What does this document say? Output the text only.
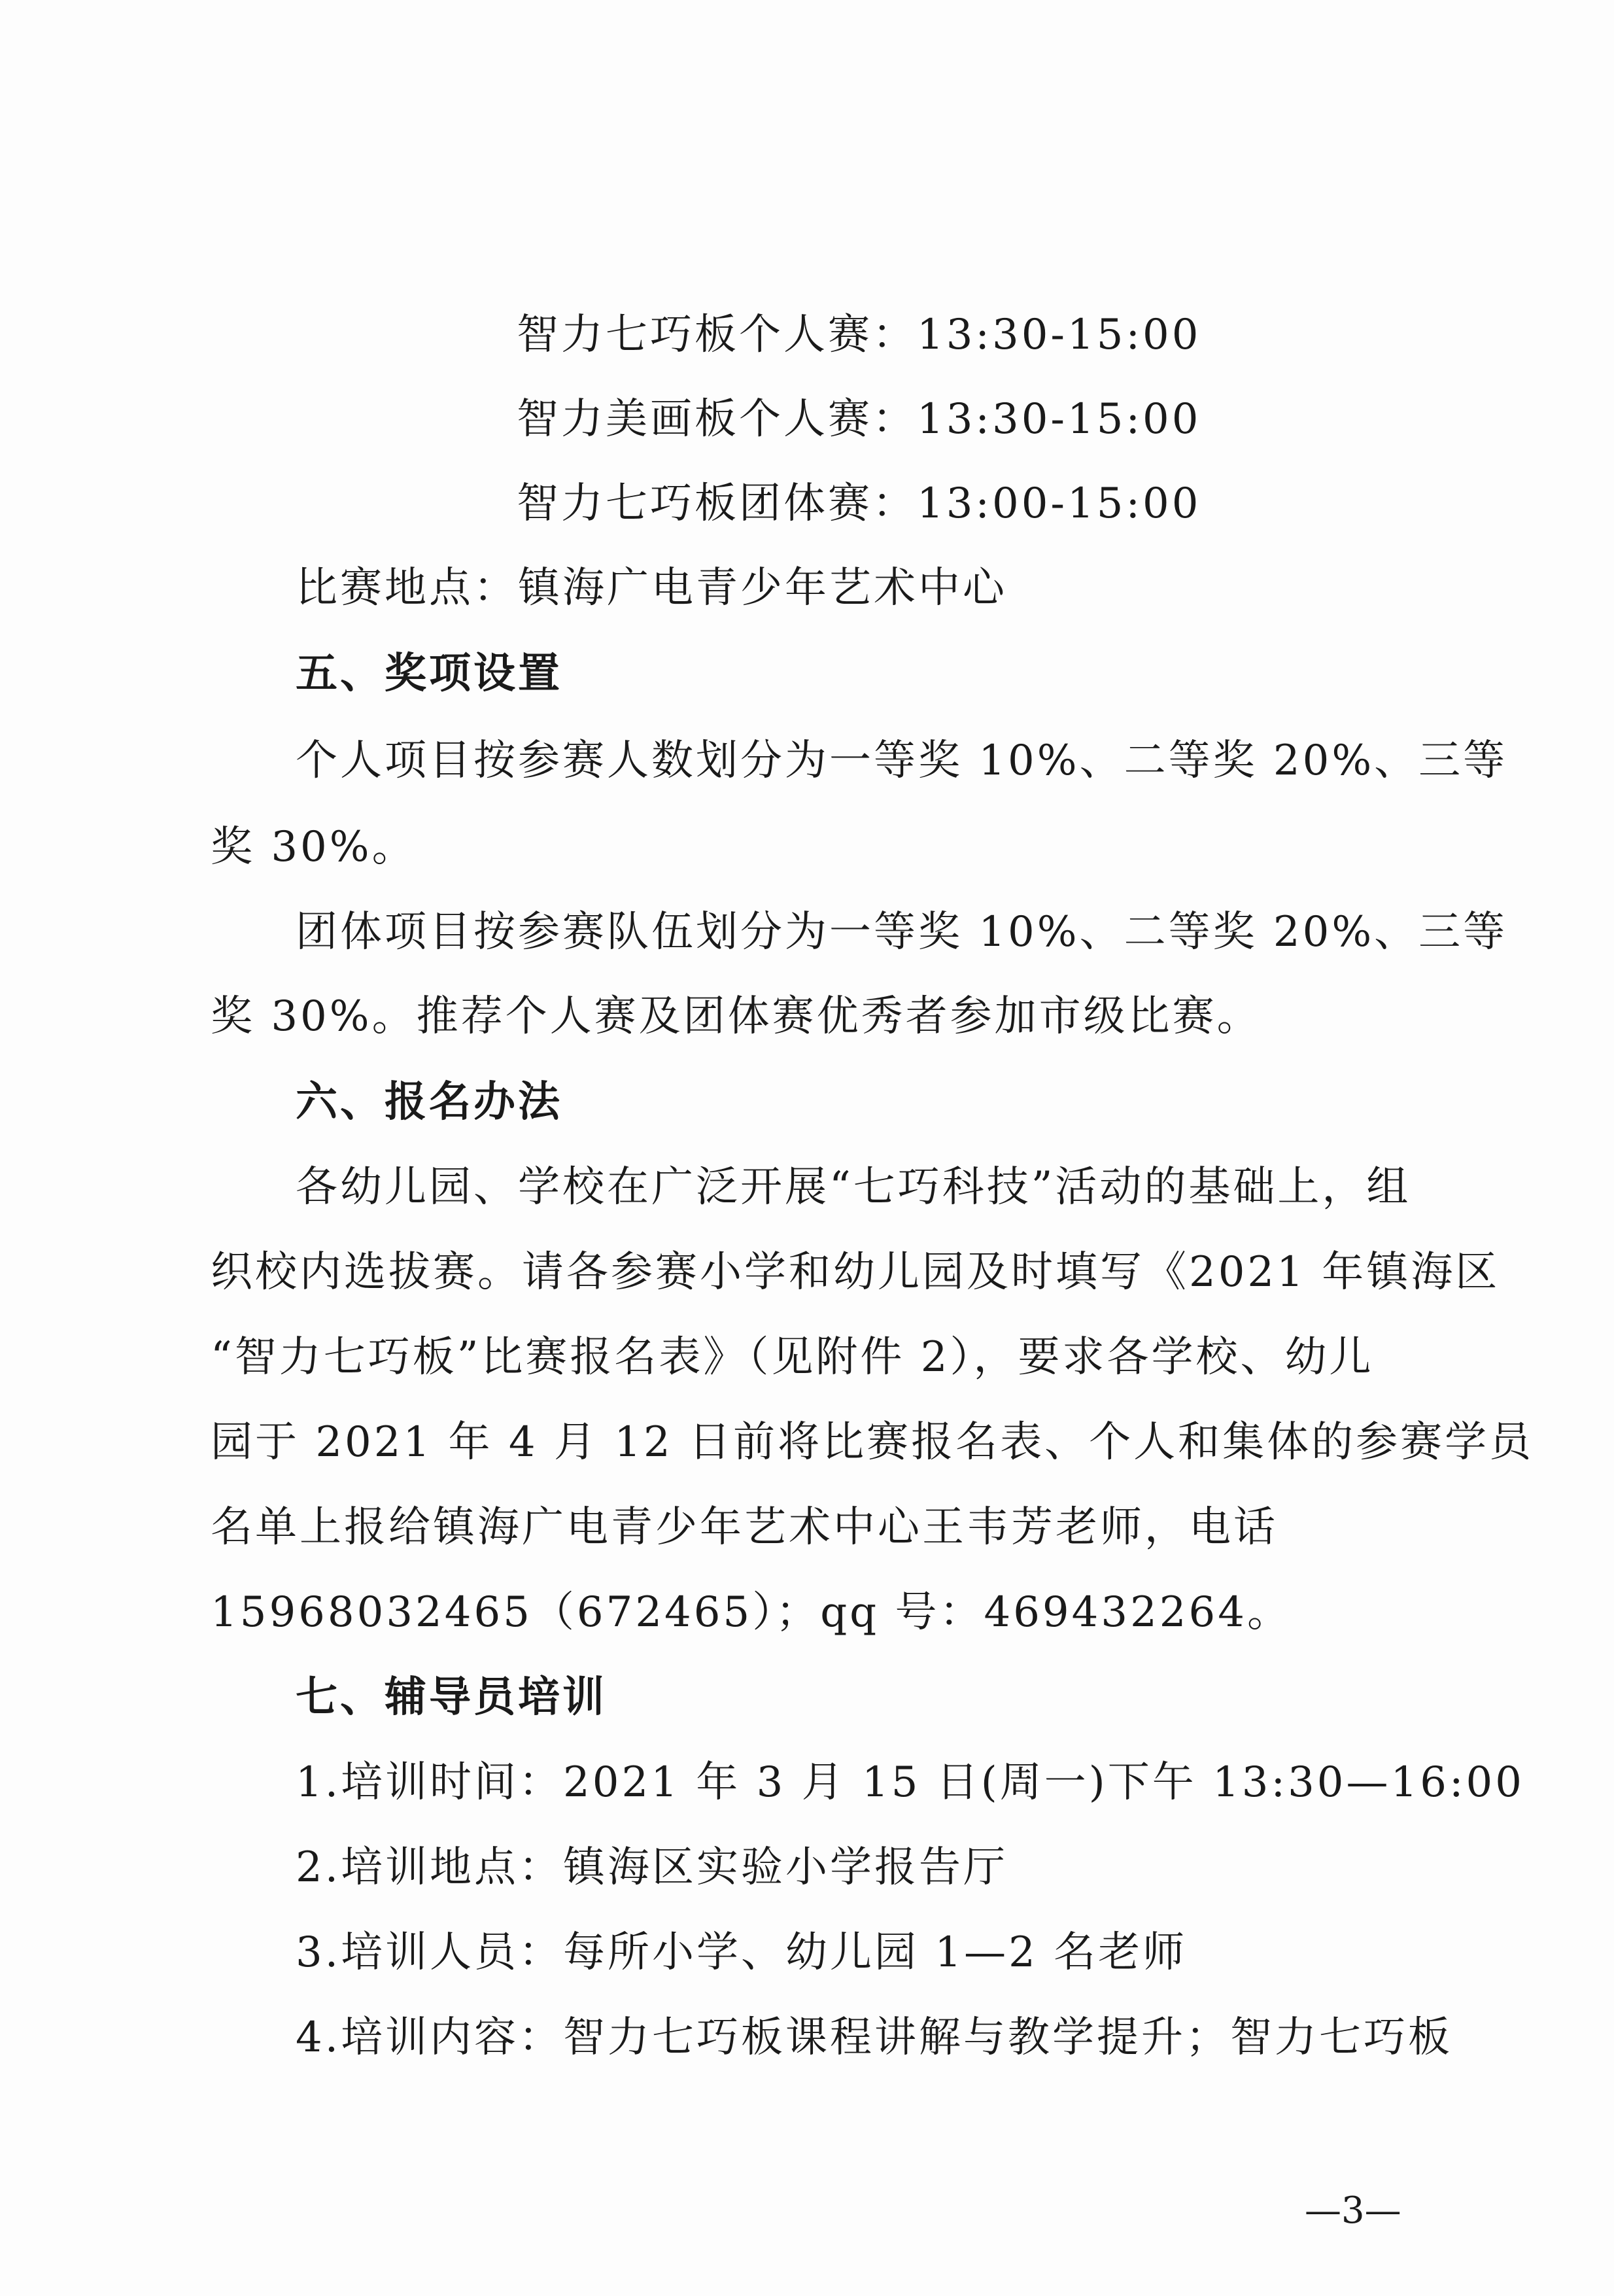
智力七巧板个人赛：13:30-15:00
智力美画板个人赛：13:30-15:00
智力七巧板团体赛：13:00-15:00
比赛地点：镇海广电青少年艺术中心
五、奖项设置
个人项目按参赛人数划分为一等奖 10%、二等奖 20%、三等
奖 30%。
团体项目按参赛队伍划分为一等奖 10%、二等奖 20%、三等
奖 30%。推荐个人赛及团体赛优秀者参加市级比赛。
六、报名办法
各幼儿园、学校在广泛开展“七巧科技”活动的基础上，组
织校内选拔赛。请各参赛小学和幼儿园及时填写《2021 年镇海区
“智力七巧板”比赛报名表》（见附件 2），要求各学校、幼儿
园于 2021 年 4 月 12 日前将比赛报名表、个人和集体的参赛学员
名单上报给镇海广电青少年艺术中心王韦芳老师，电话
15968032465（672465）；qq 号：469432264。
七、辅导员培训
1.培训时间：2021 年 3 月 15 日(周一)下午 13:30—16:00
2.培训地点：镇海区实验小学报告厅
3.培训人员：每所小学、幼儿园 1—2 名老师
4.培训内容：智力七巧板课程讲解与教学提升；智力七巧板
—3—
